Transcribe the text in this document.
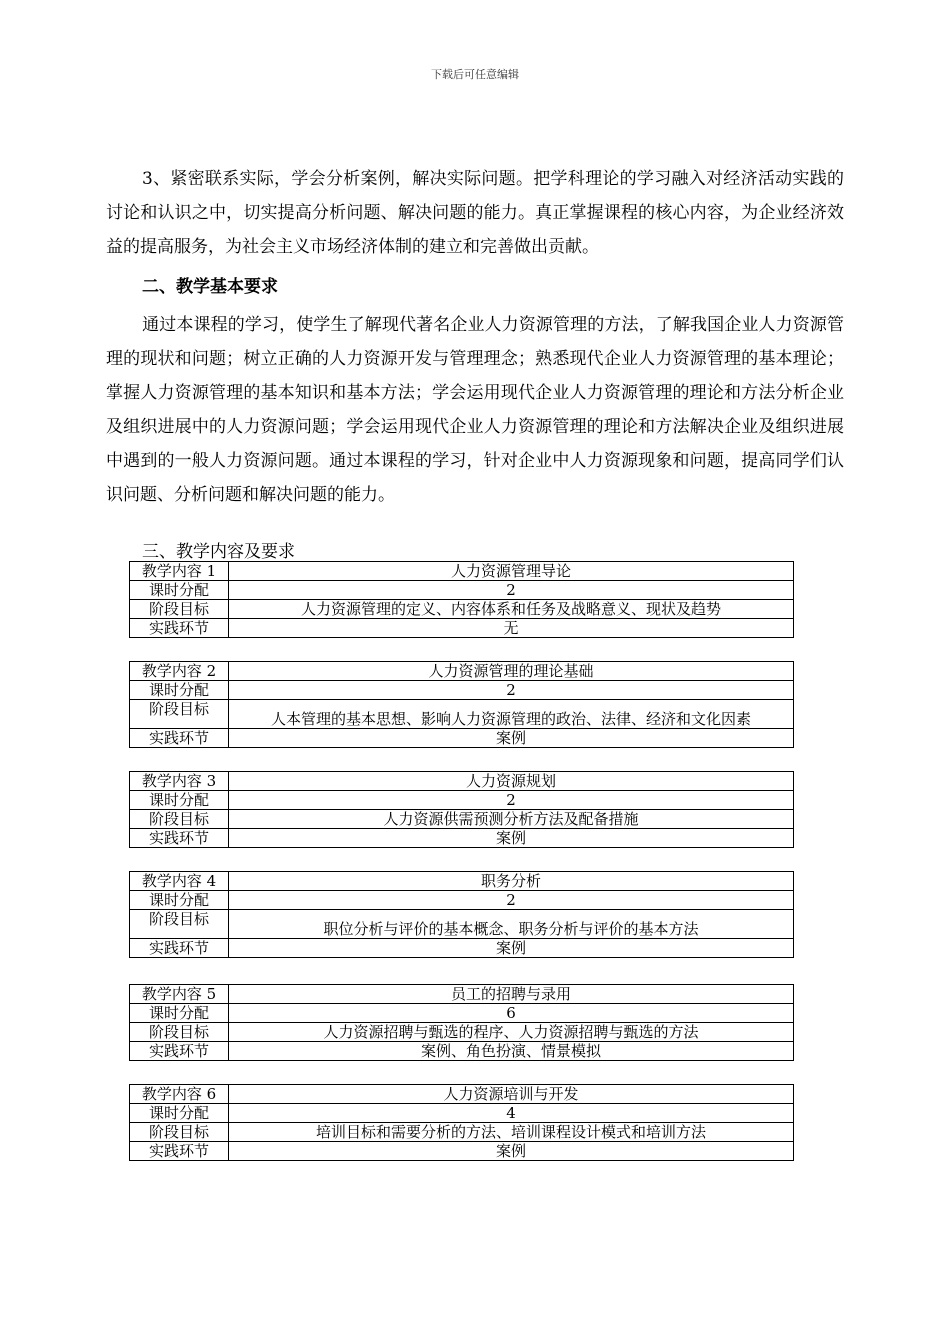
下载后可任意编辑

3、紧密联系实际，学会分析案例，解决实际问题。把学科理论的学习融入对经济活动实践的讨论和认识之中，切实提高分析问题、解决问题的能力。真正掌握课程的核心内容，为企业经济效益的提高服务，为社会主义市场经济体制的建立和完善做出贡献。

二、教学基本要求

通过本课程的学习，使学生了解现代著名企业人力资源管理的方法，了解我国企业人力资源管理的现状和问题；树立正确的人力资源开发与管理理念；熟悉现代企业人力资源管理的基本理论；掌握人力资源管理的基本知识和基本方法；学会运用现代企业人力资源管理的理论和方法分析企业及组织进展中的人力资源问题；学会运用现代企业人力资源管理的理论和方法解决企业及组织进展中遇到的一般人力资源问题。通过本课程的学习，针对企业中人力资源现象和问题，提高同学们认识问题、分析问题和解决问题的能力。

三、教学内容及要求
教学内容 1	人力资源管理导论
课时分配	2
阶段目标	人力资源管理的定义、内容体系和任务及战略意义、现状及趋势
实践环节	无
教学内容 2	人力资源管理的理论基础
课时分配	2
阶段目标	人本管理的基本思想、影响人力资源管理的政治、法律、经济和文化因素
实践环节	案例
教学内容 3	人力资源规划
课时分配	2
阶段目标	人力资源供需预测分析方法及配备措施
实践环节	案例
教学内容 4	职务分析
课时分配	2
阶段目标	职位分析与评价的基本概念、职务分析与评价的基本方法
实践环节	案例
教学内容 5	员工的招聘与录用
课时分配	6
阶段目标	人力资源招聘与甄选的程序、人力资源招聘与甄选的方法
实践环节	案例、角色扮演、情景模拟
教学内容 6	人力资源培训与开发
课时分配	4
阶段目标	培训目标和需要分析的方法、培训课程设计模式和培训方法
实践环节	案例
